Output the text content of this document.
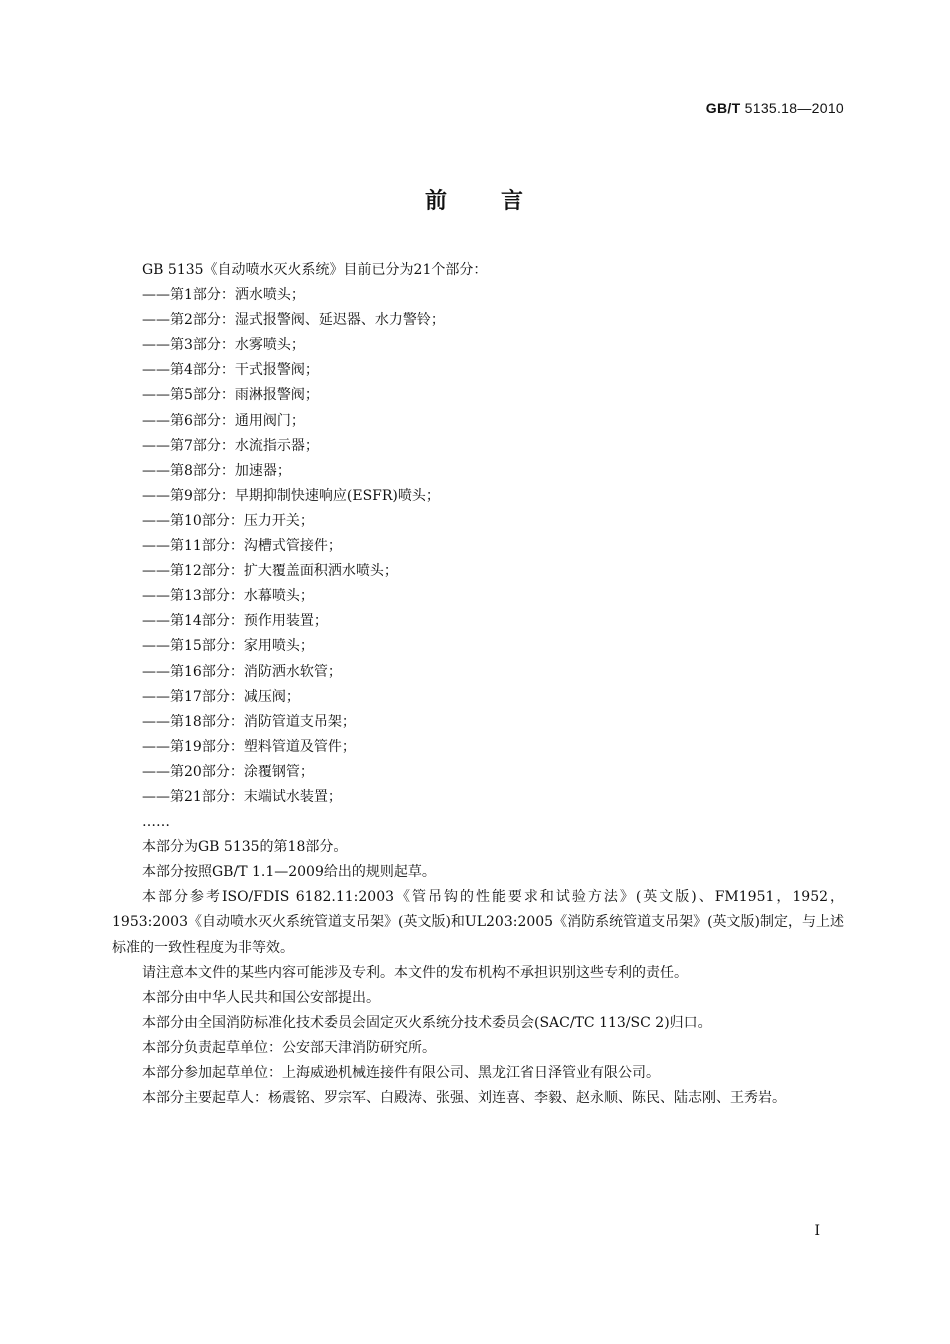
GB/T 5135.18—2010
前 言

GB 5135《自动喷水灭火系统》目前已分为21个部分：

——第1部分：洒水喷头；

——第2部分：湿式报警阀、延迟器、水力警铃；

——第3部分：水雾喷头；

——第4部分：干式报警阀；

——第5部分：雨淋报警阀；

——第6部分：通用阀门；

——第7部分：水流指示器；

——第8部分：加速器；

——第9部分：早期抑制快速响应(ESFR)喷头；

——第10部分：压力开关；

——第11部分：沟槽式管接件；

——第12部分：扩大覆盖面积洒水喷头；

——第13部分：水幕喷头；

——第14部分：预作用装置；

——第15部分：家用喷头；

——第16部分：消防洒水软管；

——第17部分：减压阀；

——第18部分：消防管道支吊架；

——第19部分：塑料管道及管件；

——第20部分：涂覆钢管；

——第21部分：末端试水装置；

……

本部分为GB 5135的第18部分。

本部分按照GB/T 1.1—2009给出的规则起草。

本部分参考ISO/FDIS 6182.11:2003《管吊钩的性能要求和试验方法》(英文版)、FM1951，1952，1953:2003《自动喷水灭火系统管道支吊架》(英文版)和UL203:2005《消防系统管道支吊架》(英文版)制定，与上述标准的一致性程度为非等效。

请注意本文件的某些内容可能涉及专利。本文件的发布机构不承担识别这些专利的责任。

本部分由中华人民共和国公安部提出。

本部分由全国消防标准化技术委员会固定灭火系统分技术委员会(SAC/TC 113/SC 2)归口。

本部分负责起草单位：公安部天津消防研究所。

本部分参加起草单位：上海威逊机械连接件有限公司、黑龙江省日泽管业有限公司。

本部分主要起草人：杨震铭、罗宗军、白殿涛、张强、刘连喜、李毅、赵永顺、陈民、陆志刚、王秀岩。

I
